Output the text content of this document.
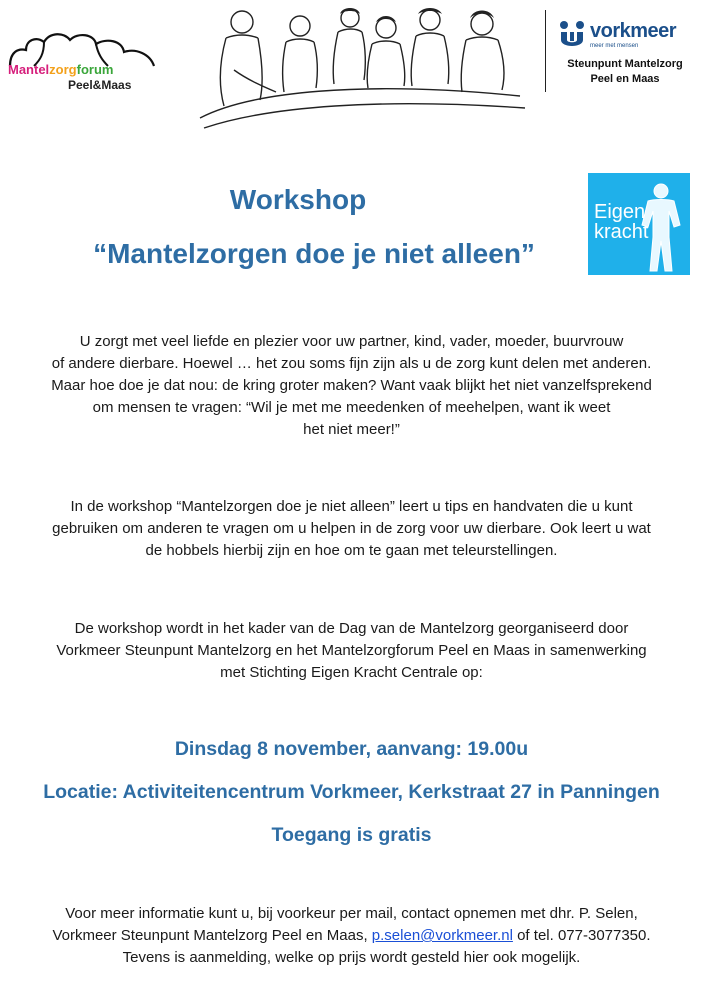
Mantelzorgforum
Peel&Maas
vorkmeer
meer met mensen
Steunpunt Mantelzorg
Peel en Maas
Workshop
“Mantelzorgen doe je niet alleen”
Eigen
kracht
U zorgt met veel liefde en plezier voor uw partner, kind, vader, moeder, buurvrouw
of andere dierbare. Hoewel … het zou soms fijn zijn als u de zorg kunt delen met anderen.
Maar hoe doe je dat nou: de kring groter maken? Want vaak blijkt het niet vanzelfsprekend
om mensen te vragen: “Wil je met me meedenken of meehelpen, want ik weet
het niet meer!”
In de workshop “Mantelzorgen doe je niet alleen” leert u tips en handvaten die u kunt
gebruiken om anderen te vragen om u helpen in de zorg voor uw dierbare. Ook leert u wat
de hobbels hierbij zijn en hoe om te gaan met teleurstellingen.
De workshop wordt in het kader van de Dag van de Mantelzorg georganiseerd door
Vorkmeer Steunpunt Mantelzorg en het Mantelzorgforum Peel en Maas in samenwerking
met Stichting Eigen Kracht Centrale op:
Dinsdag 8 november, aanvang: 19.00u
Locatie: Activiteitencentrum Vorkmeer, Kerkstraat 27 in Panningen
Toegang is gratis
Voor meer informatie kunt u, bij voorkeur per mail, contact opnemen met dhr. P. Selen,
Vorkmeer Steunpunt Mantelzorg Peel en Maas, p.selen@vorkmeer.nl of tel. 077-3077350.
Tevens is aanmelding, welke op prijs wordt gesteld hier ook mogelijk.
